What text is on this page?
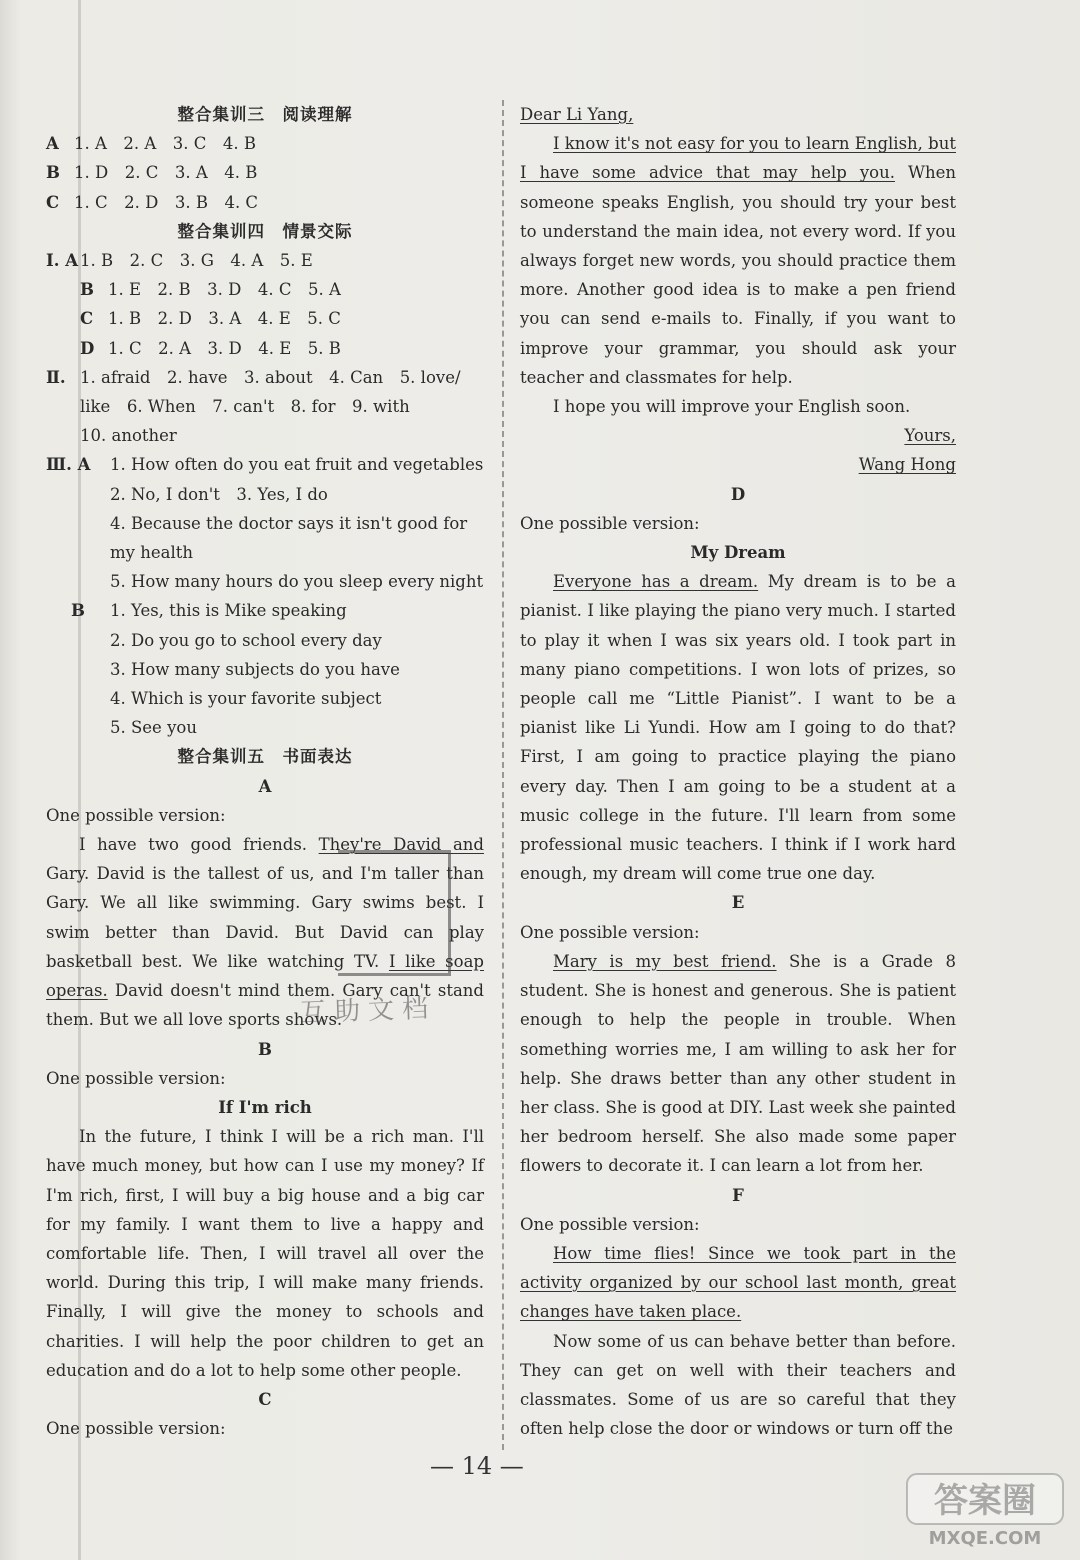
整合集训三　阅读理解
A 1. A　2. A　3. C　4. B
B 1. D　2. C　3. A　4. B
C 1. C　2. D　3. B　4. C
整合集训四　情景交际
Ⅰ. A 1. B　2. C　3. G　4. A　5. E
B 1. E　2. B　3. D　4. C　5. A
C 1. B　2. D　3. A　4. E　5. C
D 1. C　2. A　3. D　4. E　5. B
Ⅱ. 1. afraid　2. have　3. about　4. Can　5. love/
like　6. When　7. can't　8. for　9. with
10. another
Ⅲ. A 1. How often do you eat fruit and vegetables
2. No, I don't　3. Yes, I do
4. Because the doctor says it isn't good for
my health
5. How many hours do you sleep every night
B 1. Yes, this is Mike speaking
2. Do you go to school every day
3. How many subjects do you have
4. Which is your favorite subject
5. See you
整合集训五　书面表达
A
One possible version:
I have two good friends. They're David and Gary. David is the tallest of us, and I'm taller than Gary. We all like swimming. Gary swims best. I swim better than David. But David can play basketball best. We like watching TV. I like soap operas. David doesn't mind them. Gary can't stand them. But we all love sports shows.
B
One possible version:
If I'm rich
In the future, I think I will be a rich man. I'll have much money, but how can I use my money? If I'm rich, first, I will buy a big house and a big car for my family. I want them to live a happy and comfortable life. Then, I will travel all over the world. During this trip, I will make many friends. Finally, I will give the money to schools and charities. I will help the poor children to get an education and do a lot to help some other people.
C
One possible version:
互助文档
Dear Li Yang,
I know it's not easy for you to learn English, but I have some advice that may help you. When someone speaks English, you should try your best to understand the main idea, not every word. If you always forget new words, you should practice them more. Another good idea is to make a pen friend you can send e-mails to. Finally, if you want to improve your grammar, you should ask your teacher and classmates for help.
I hope you will improve your English soon.
Yours,
Wang Hong
D
One possible version:
My Dream
Everyone has a dream. My dream is to be a pianist. I like playing the piano very much. I started to play it when I was six years old. I took part in many piano competitions. I won lots of prizes, so people call me “Little Pianist”. I want to be a pianist like Li Yundi. How am I going to do that? First, I am going to practice playing the piano every day. Then I am going to be a student at a music college in the future. I'll learn from some professional music teachers. I think if I work hard enough, my dream will come true one day.
E
One possible version:
Mary is my best friend. She is a Grade 8 student. She is honest and generous. She is patient enough to help the people in trouble. When something worries me, I am willing to ask her for help. She draws better than any other student in her class. She is good at DIY. Last week she painted her bedroom herself. She also made some paper flowers to decorate it. I can learn a lot from her.
F
One possible version:
How time flies! Since we took part in the activity organized by our school last month, great changes have taken place.
Now some of us can behave better than before. They can get on well with their teachers and classmates. Some of us are so careful that they often help close the door or windows or turn off the
— 14 —
答案圈
MXQE.COM
